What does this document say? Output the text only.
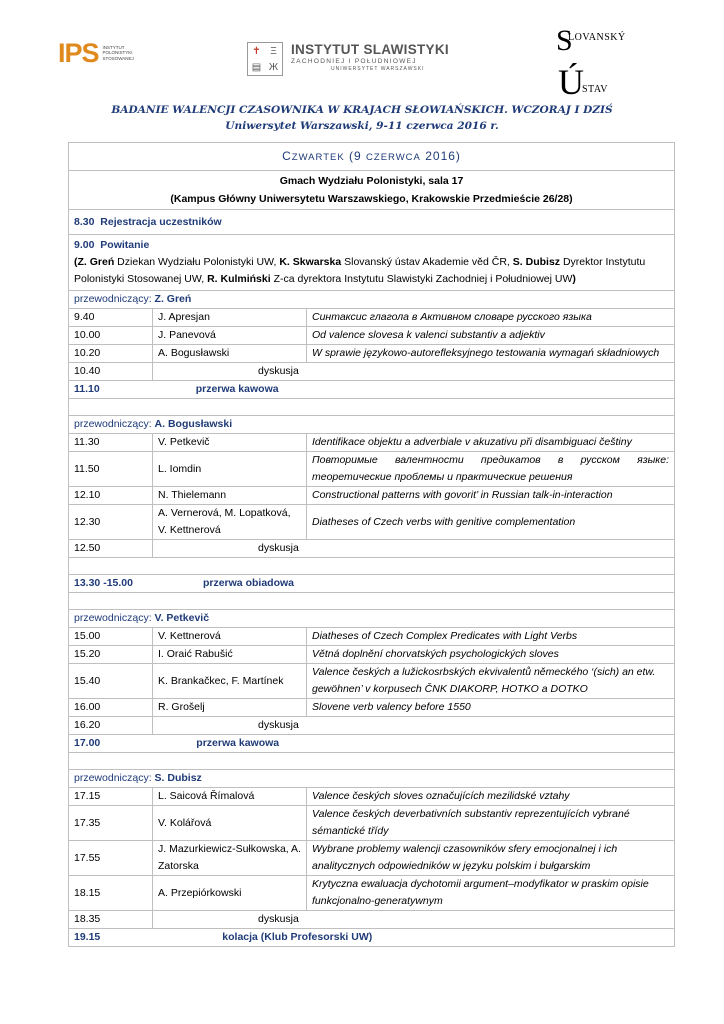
IPS INSTYTUT POLONISTYKI STOSOWANEJ
✝ Ξ
▤ Ж
INSTYTUT SLAWISTYKI
ZACHODNIEJ I POŁUDNIOWEJ
UNIWERSYTET WARSZAWSKI
S
LOVANSKÝ
Ú
STAV
BADANIE WALENCJI CZASOWNIKA W KRAJACH SŁOWIAŃSKICH. WCZORAJ I DZIŚ
Uniwersytet Warszawski, 9-11 czerwca 2016 r.
CZWARTEK (9 CZERWCA 2016)		

Gmach Wydziału Polonistyki, sala 17
(Kampus Główny Uniwersytetu Warszawskiego, Krakowskie Przedmieście 26/28)		

8.30 Rejestracja uczestników		

9.00 Powitanie
(Z. Greń Dziekan Wydziału Polonistyki UW, K. Skwarska Slovanský ústav Akademie věd ČR, S. Dubisz Dyrektor Instytutu Polonistyki Stosowanej UW, R. Kulmiński Z-ca dyrektora Instytutu Slawistyki Zachodniej i Południowej UW)		

przewodniczący: Z. Greń		
9.40	J. Apresjan	Синтаксис глагола в Активном словаре русского языка
10.00	J. Panevová	Od valence slovesa k valenci substantiv a adjektiv
10.20	A. Bogusławski	W sprawie językowo-autorefleksyjnego testowania wymagań składniowych
10.40	dyskusja	
11.10 przerwa kawowa		

przewodniczący: A. Bogusławski		
11.30	V. Petkevič	Identifikace objektu a adverbiale v akuzativu při disambiguaci češtiny
11.50	L. Iomdin	Повторимые валентности предикатов в русском языке: теоретические проблемы и практические решения
12.10	N. Thielemann	Constructional patterns with govorit’ in Russian talk-in-interaction
12.30	A. Vernerová, M. Lopatková, V. Kettnerová	Diatheses of Czech verbs with genitive complementation
12.50	dyskusja	

13.30 -15.00 przerwa obiadowa		

przewodniczący: V. Petkevič		
15.00	V. Kettnerová	Diatheses of Czech Complex Predicates with Light Verbs
15.20	I. Oraić Rabušić	Větná doplnění chorvatských psychologických sloves
15.40	K. Brankačkec, F. Martínek	Valence českých a lužickosrbských ekvivalentů německého ‘(sich) an etw. gewöhnen’ v korpusech ČNK DIAKORP, HOTKO a DOTKO
16.00	R. Grošelj	Slovene verb valency before 1550
16.20	dyskusja	
17.00 przerwa kawowa		

przewodniczący: S. Dubisz		
17.15	L. Saicová Římalová	Valence českých sloves označujících mezilidské vztahy
17.35	V. Kolářová	Valence českých deverbativních substantiv reprezentujících vybrané sémantické třídy
17.55	J. Mazurkiewicz-Sułkowska, A. Zatorska	Wybrane problemy walencji czasowników sfery emocjonalnej i ich analitycznych odpowiedników w języku polskim i bułgarskim
18.15	A. Przepiórkowski	Krytyczna ewaluacja dychotomii argument–modyfikator w praskim opisie funkcjonalno-generatywnym
18.35	dyskusja	
19.15 kolacja (Klub Profesorski UW)		
